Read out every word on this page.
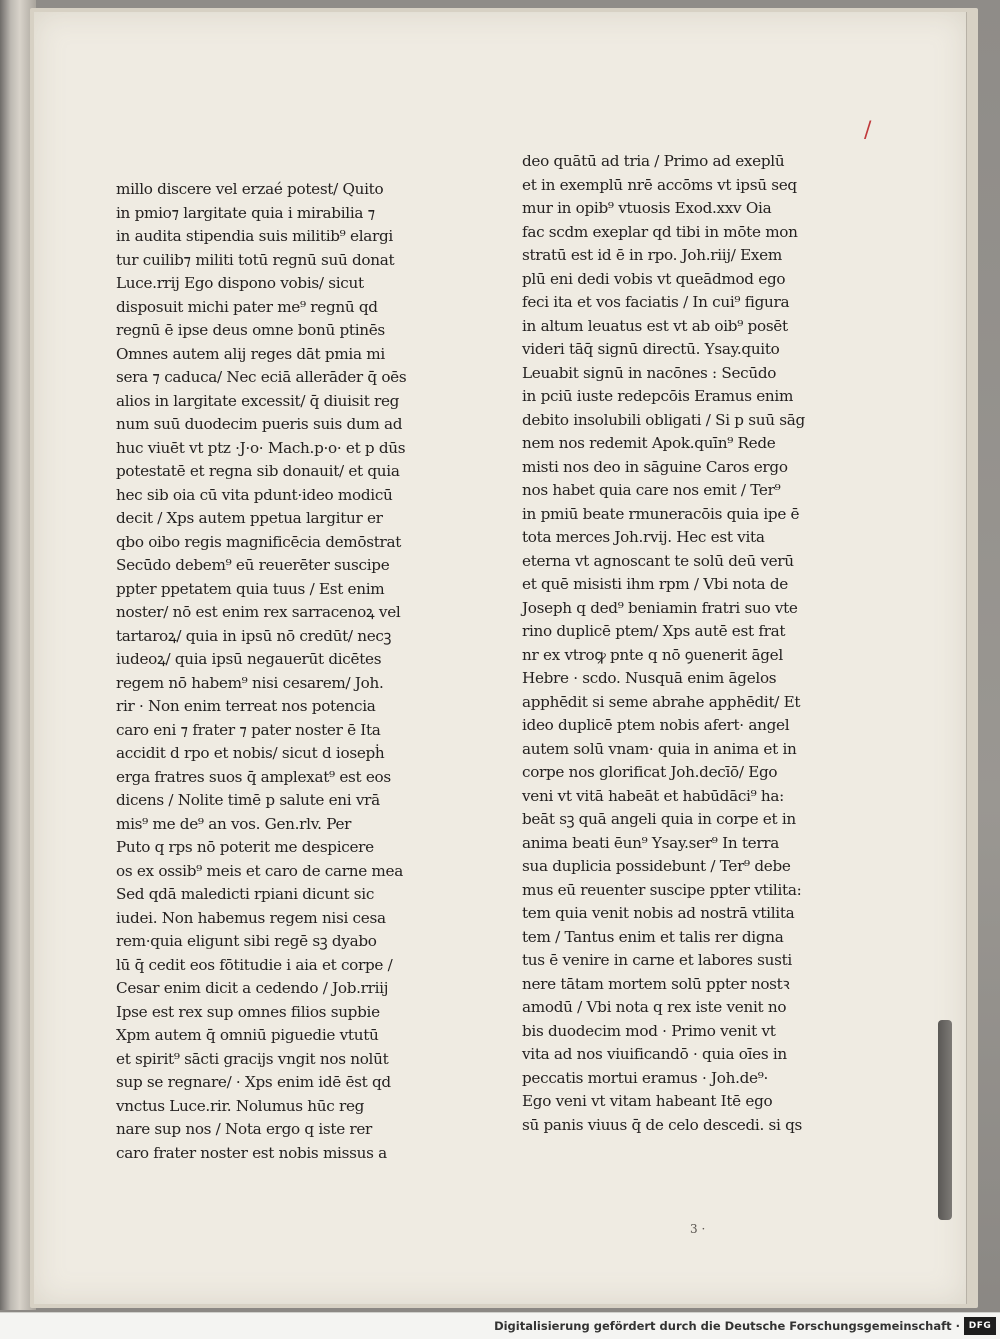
/
millo discere vel erzaé potest/ Quito
in pmio⁊ largitate quia i mirabilia ⁊
in audita stipendia suis militib⁹ elargi
tur cuilib⁊ militi totū regnū suū donat
Luce.rrij Ego dispono vobis/ sicut
disposuit michi pater me⁹ regnū qd
regnū ē ipse deus omne bonū ptinēs
Omnes autem alij reges dāt pmia mi
sera ⁊ caduca/ Nec eciā allerāder q̄ oēs
alios in largitate excessit/ q̄ diuisit reg
num suū duodecim pueris suis dum ad
huc viuēt vt ptz ·J·o· Mach.p·o· et p dūs
potestatē et regna sib donauit/ et quia
hec sib oia cū vita pdunt·ideo modicū
decit / Xps autem ppetua largitur er
qbo oibo regis magnificēcia demōstrat
Secūdo debem⁹ eū reuerēter suscipe
ppter ppetatem quia tuus / Est enim
noster/ nō est enim rex sarracenoꝝ vel
tartaroꝝ/ quia in ipsū nō credūt/ necꝫ
iudeoꝝ/ quia ipsū negauerūt dicētes
regem nō habem⁹ nisi cesarem/ Joh.
rir · Non enim terreat nos potencia
caro eni ⁊ frater ⁊ pater noster ē Ita
accidit d rpo et nobis/ sicut d iosepḣ
erga fratres suos q̄ amplexat⁹ est eos
dicens / Nolite timē p salute eni vrā
mis⁹ me de⁹ an vos. Gen.rlv. Per
Puto q rps nō poterit me despicere
os ex ossib⁹ meis et caro de carne mea
Sed qdā maledicti rpiani dicunt sic
iudei. Non habemus regem nisi cesa
rem·quia eligunt sibi regē sꝫ dyabo
lū q̄ cedit eos fōtitudie i aia et corpe /
Cesar enim dicit a cedendo / Job.rriij
Ipse est rex sup omnes filios supbie
Xpm autem q̄ omniū piguedie vtutū
et spirit⁹ sācti gracijs vngit nos nolūt
sup se regnare/ · Xps enim idē ēst qd
vnctus Luce.rir. Nolumus hūc reg
nare sup nos / Nota ergo q iste rer
caro frater noster est nobis missus a
deo quātū ad tria / Primo ad exeplū
et in exemplū nrē accōms vt ipsū seq
mur in opib⁹ vtuosis Exod.xxv Oia
fac scdm exeplar qd tibi in mōte mon
stratū est id ē in rpo. Joh.riij/ Exem
plū eni dedi vobis vt queādmod ego
feci ita et vos faciatis / In cui⁹ figura
in altum leuatus est vt ab oib⁹ posēt
videri tāq̄ signū directū. Ysay.quito
Leuabit signū in nacōnes : Secūdo
in pciū iuste redepcōis Eramus enim
debito insolubili obligati / Si p suū sāg
nem nos redemit Apok.quīn⁹ Rede
misti nos deo in sāguine Caros ergo
nos habet quia care nos emit / Ter⁹
in pmiū beate rmuneracōis quia ipe ē
tota merces Joh.rvij. Hec est vita
eterna vt agnoscant te solū deū verū
et quē misisti ihm rpm / Vbi nota de
Joseph q ded⁹ beniamin fratri suo vte
rino duplicē ptem/ Xps autē est frat
nr ex vtroꝙ pnte q nō ꝯuenerit āgel
Hebre · scdo. Nusquā enim āgelos
apphēdit si seme abrahe apphēdit/ Et
ideo duplicē ptem nobis afert· angel
autem solū vnam· quia in anima et in
corpe nos glorificat Joh.decīō/ Ego
veni vt vitā habeāt et habūdāci⁹ ha:
beāt sꝫ quā angeli quia in corpe et in
anima beati ēun⁹ Ysay.ser⁹ In terra
sua duplicia possidebunt / Ter⁹ debe
mus eū reuenter suscipe ppter vtilita:
tem quia venit nobis ad nostrā vtilita
tem / Tantus enim et talis rer digna
tus ē venire in carne et labores susti
nere tātam mortem solū ppter nostꝛ
amodū / Vbi nota q rex iste venit no
bis duodecim mod · Primo venit vt
vita ad nos viuificandō · quia oīes in
peccatis mortui eramus · Joh.de⁹·
Ego veni vt vitam habeant Itē ego
sū panis viuus q̄ de celo descedi. si qs
3 ·
Digitalisierung gefördert durch die Deutsche Forschungsgemeinschaft · DFG
